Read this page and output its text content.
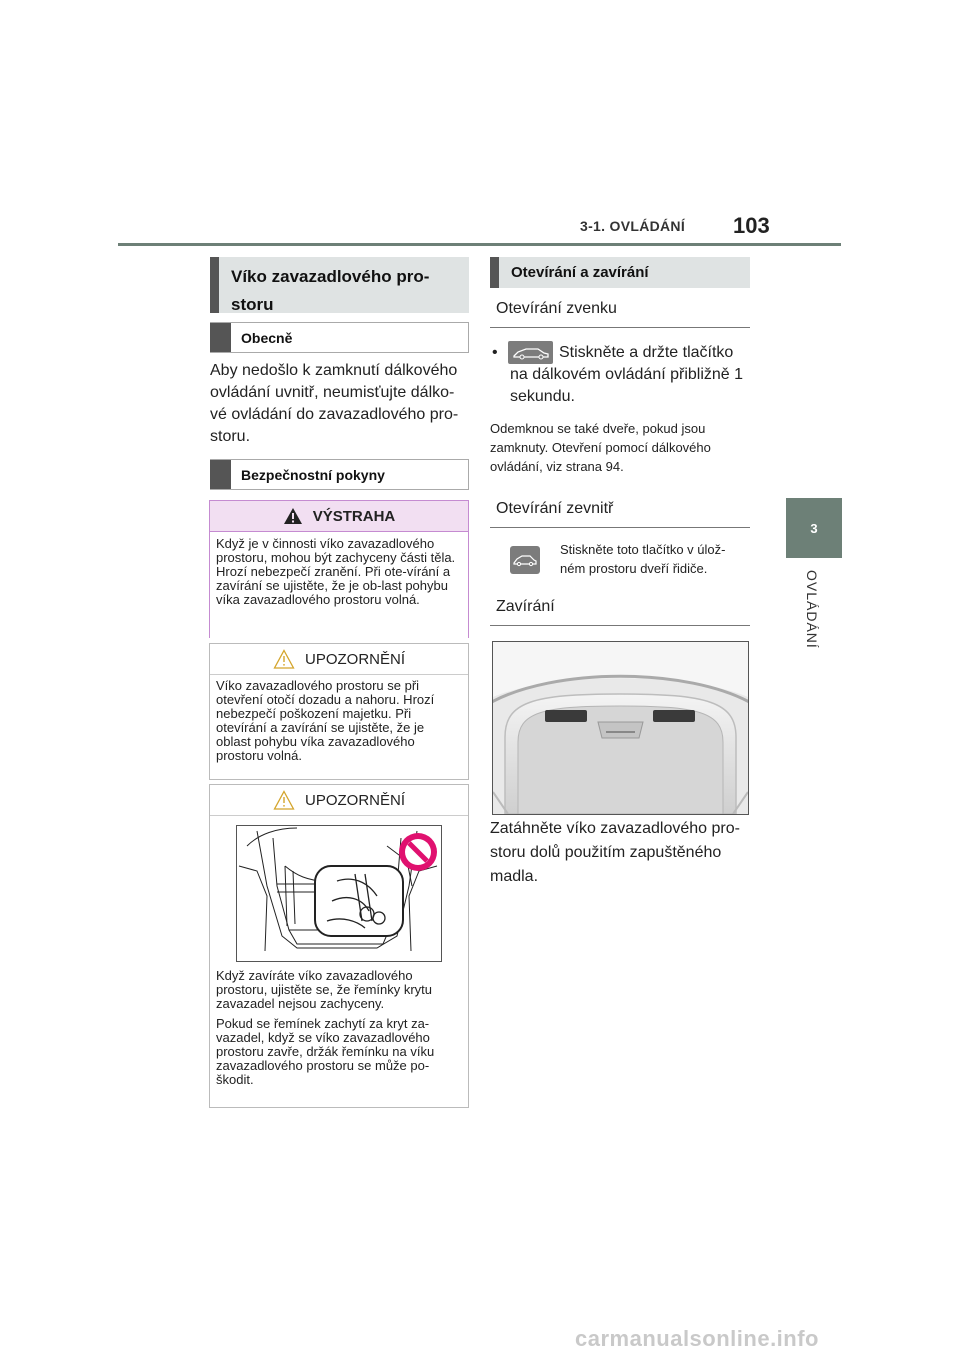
3-1. OVLÁDÁNÍ 103
3
OVLÁDÁNÍ
Víko zavazadlového pro-storu
Obecně
Aby nedošlo k zamknutí dálkového ovládání uvnitř, neumisťujte dálko-vé ovládání do zavazadlového pro-storu.
Bezpečnostní pokyny
VÝSTRAHA
Když je v činnosti víko zavazadlového prostoru, mohou být zachyceny části těla. Hrozí nebezpečí zranění. Při ote-vírání a zavírání se ujistěte, že je ob-last pohybu víka zavazadlového prostoru volná.
UPOZORNĚNÍ
Víko zavazadlového prostoru se při otevření otočí dozadu a nahoru. Hrozí nebezpečí poškození majetku. Při otevírání a zavírání se ujistěte, že je oblast pohybu víka zavazadlového prostoru volná.
UPOZORNĚNÍ

Když zavíráte víko zavazadlového prostoru, ujistěte se, že řemínky krytu zavazadel nejsou zachyceny.

Pokud se řemínek zachytí za kryt za-vazadel, když se víko zavazadlového prostoru zavře, držák řemínku na víku zavazadlového prostoru se může po-škodit.

Otevírání a zavírání
Otevírání zvenku
•	Stiskněte a držte tlačítko na dálkovém ovládání přibližně 1 sekundu.
Odemknou se také dveře, pokud jsou zamknuty. Otevření pomocí dálkového ovládání, viz strana 94.
Otevírání zevnitř
Stiskněte toto tlačítko v úlož-ném prostoru dveří řidiče.
Zavírání
Zatáhněte víko zavazadlového pro-storu dolů použitím zapuštěného madla.
carmanualsonline.info
